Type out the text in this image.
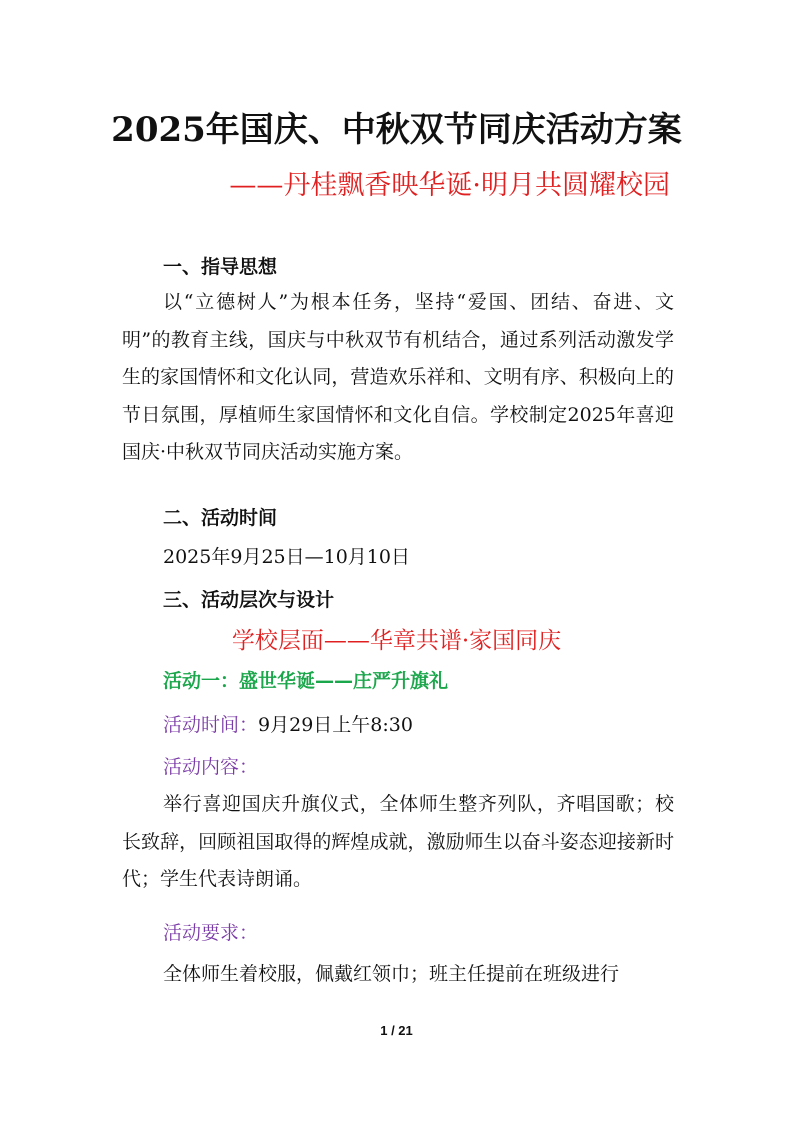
2025年国庆、中秋双节同庆活动方案
——丹桂飘香映华诞·明月共圆耀校园
一、指导思想
以“立德树人”为根本任务，坚持“爱国、团结、奋进、文明”的教育主线，国庆与中秋双节有机结合，通过系列活动激发学生的家国情怀和文化认同，营造欢乐祥和、文明有序、积极向上的节日氛围，厚植师生家国情怀和文化自信。学校制定2025年喜迎国庆·中秋双节同庆活动实施方案。
二、活动时间
2025年9月25日—10月10日
三、活动层次与设计
学校层面——华章共谱·家国同庆
活动一：盛世华诞——庄严升旗礼
活动时间：9月29日上午8:30
活动内容：
举行喜迎国庆升旗仪式，全体师生整齐列队，齐唱国歌；校长致辞，回顾祖国取得的辉煌成就，激励师生以奋斗姿态迎接新时代；学生代表诗朗诵。
活动要求：
全体师生着校服，佩戴红领巾；班主任提前在班级进行
1 / 21
